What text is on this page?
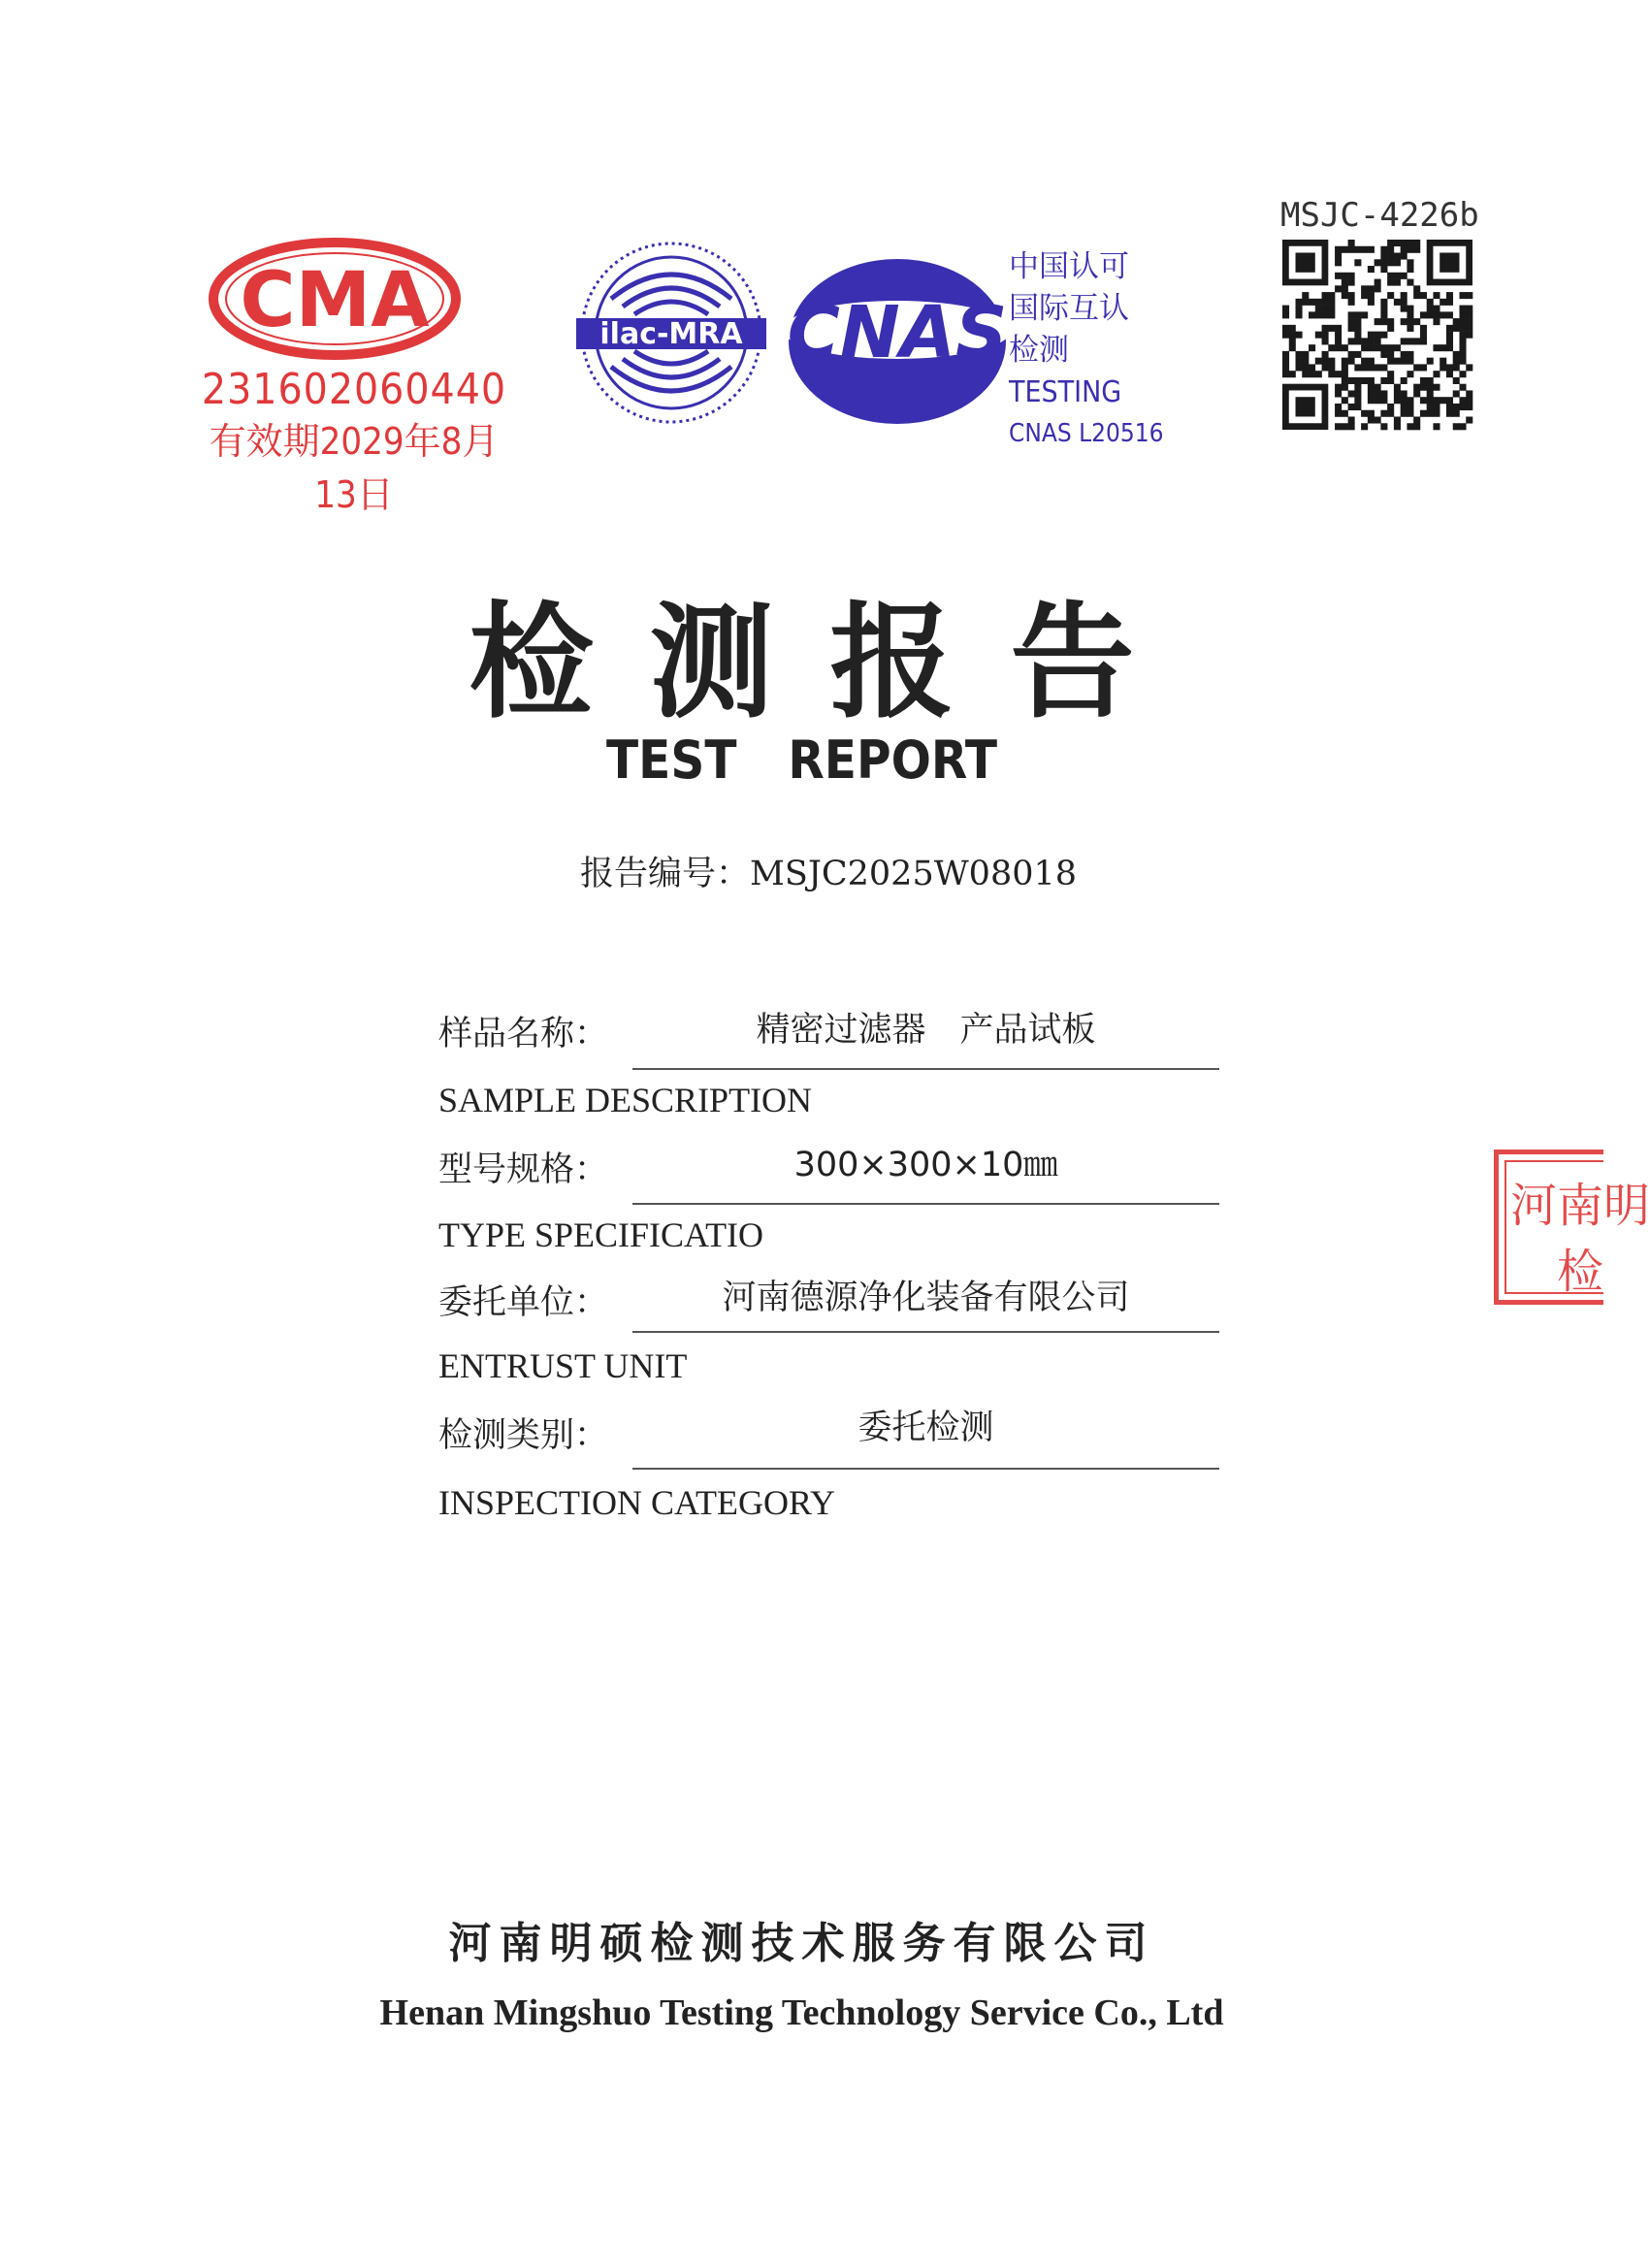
CMA
231602060440
有效期2029年8月13日
ilac-MRA CNAS
中国认可
国际互认
检测
TESTING
CNAS L20516
MSJC-4226b
检测报告
TEST REPORT
报告编号：MSJC2025W08018
样品名称：	精密过滤器　产品试板
SAMPLE DESCRIPTION
型号规格：	300×300×10㎜
TYPE SPECIFICATIO
委托单位：	河南德源净化装备有限公司
ENTRUST UNIT
检测类别：	委托检测
INSPECTION CATEGORY
河南明硕检测技术服务有限公司
Henan Mingshuo Testing Technology Service Co., Ltd
河南明
检
